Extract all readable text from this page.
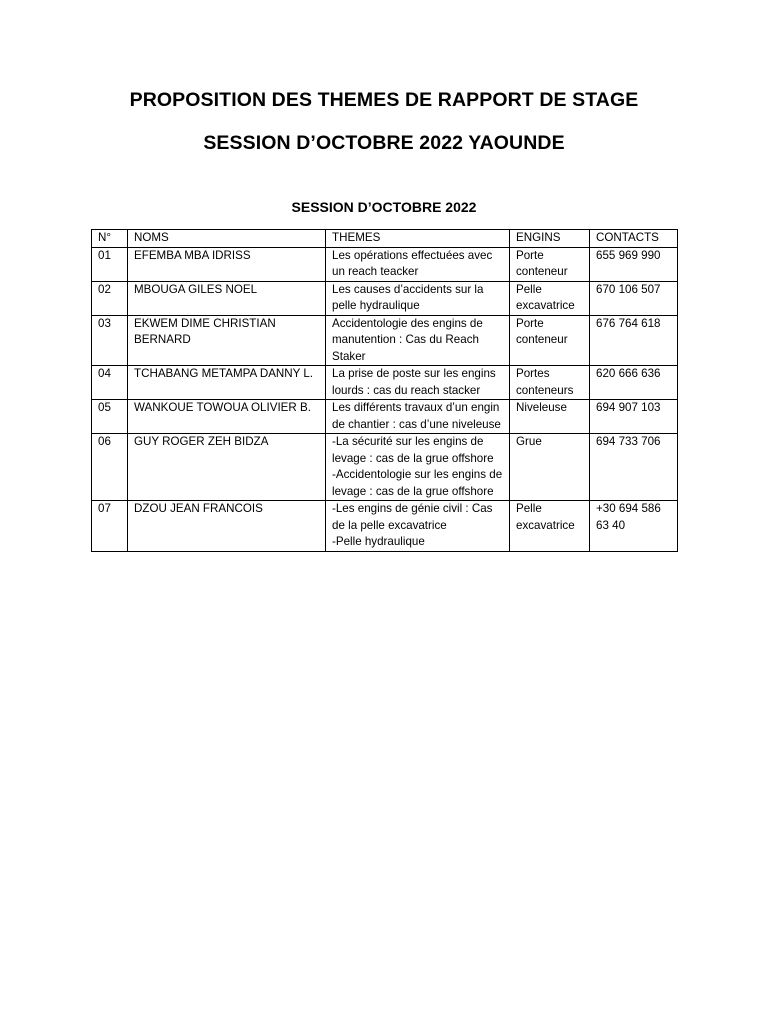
PROPOSITION DES THEMES DE RAPPORT DE STAGE
SESSION D’OCTOBRE 2022 YAOUNDE
SESSION D’OCTOBRE 2022
N°	NOMS	THEMES	ENGINS	CONTACTS
01	EFEMBA MBA IDRISS	Les opérations effectuées avec un reach teacker	Porte conteneur	655 969 990
02	MBOUGA GILES NOEL	Les causes d’accidents sur la pelle hydraulique	Pelle excavatrice	670 106 507
03	EKWEM DIME CHRISTIAN BERNARD	Accidentologie des engins de manutention : Cas du Reach Staker	Porte conteneur	676 764 618
04	TCHABANG METAMPA DANNY L.	La prise de poste sur les engins lourds : cas du reach stacker	Portes conteneurs	620 666 636
05	WANKOUE TOWOUA OLIVIER B.	Les différents travaux d’un engin de chantier : cas d’une niveleuse	Niveleuse	694 907 103
06	GUY ROGER ZEH BIDZA	-La sécurité sur les engins de levage : cas de la grue offshore
-Accidentologie sur les engins de levage : cas de la grue offshore	Grue	694 733 706
07	DZOU JEAN FRANCOIS	-Les engins de génie civil : Cas de la pelle excavatrice
-Pelle hydraulique	Pelle excavatrice	+30 694 586 63 40
